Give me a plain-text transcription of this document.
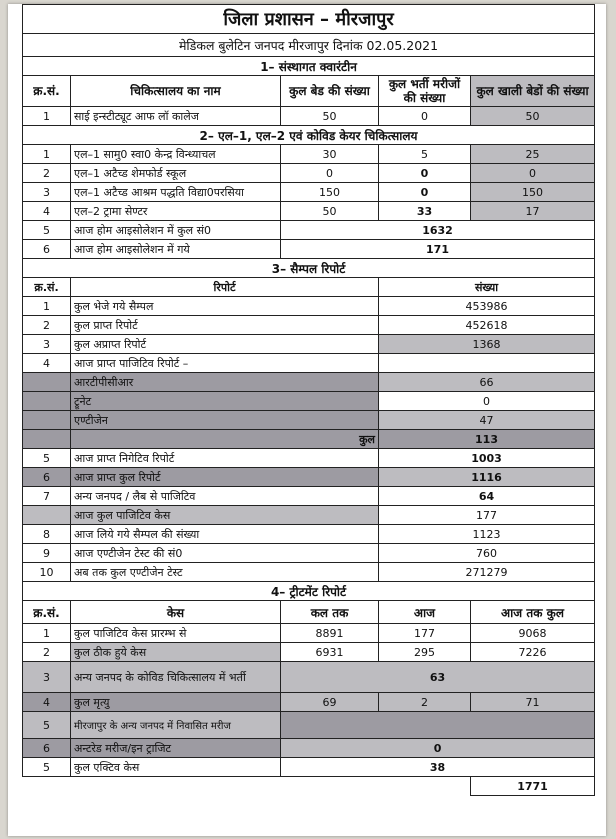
जिला प्रशासन – मीरजापुर				
मेडिकल बुलेटिन जनपद मीरजापुर दिनांक 02.05.2021				
1– संस्थागत क्वारंटीन				
क्र.सं.	चिकित्सालय का नाम	कुल बेड की संख्या	कुल भर्ती मरीजों की संख्या	कुल खाली बेडों की संख्या
1	साई इन्स्टीट्यूट आफ लॉ कालेज	50	0	50
2– एल–1, एल–2 एवं कोविड केयर चिकित्सालय				
1	एल–1 सामु0 स्वा0 केन्द्र विन्ध्याचल	30	5	25
2	एल–1 अटैच्ड शेमफोर्ड स्कूल	0	0	0
3	एल–1 अटैच्ड आश्रम पद्धति विद्या0परसिया	150	0	150
4	एल–2 ट्रामा सेण्टर	50	33	17
5	आज होम आइसोलेशन में कुल सं0	1632		
6	आज होम आइसोलेशन में गये	171		
3– सैम्पल रिपोर्ट				
क्र.सं.	रिपोर्ट		संख्या	
1	कुल भेजे गये सैम्पल		453986	
2	कुल प्राप्त रिपोर्ट		452618	
3	कुल अप्राप्त रिपोर्ट		1368	
4	आज प्राप्त पाजिटिव रिपोर्ट –			
	आरटीपीसीआर		66	
	ट्रूनेट		0	
	एण्टीजेन		47	
	कुल		113	
5	आज प्राप्त निगेटिव रिपोर्ट		1003	
6	आज प्राप्त कुल रिपोर्ट		1116	
7	अन्य जनपद / लैब से पाजिटिव		64	
	आज कुल पाजिटिव केस		177	
8	आज लिये गये सैम्पल की संख्या		1123	
9	आज एण्टीजेन टेस्ट की सं0		760	
10	अब तक कुल एण्टीजेन टेस्ट		271279	
4– ट्रीटमेंट रिपोर्ट				
क्र.सं.	केस	कल तक	आज	आज तक कुल
1	कुल पाजिटिव केस प्रारम्भ से	8891	177	9068
2	कुल ठीक हुये केस	6931	295	7226
3	अन्य जनपद के कोविड चिकित्सालय में भर्ती	63		
4	कुल मृत्यु	69	2	71
5	मीरजापुर के अन्य जनपद में निवासित मरीज			
6	अन्टरेड मरीज/इन ट्राजिट	0		
5	कुल एक्टिव केस	38		
				1771
